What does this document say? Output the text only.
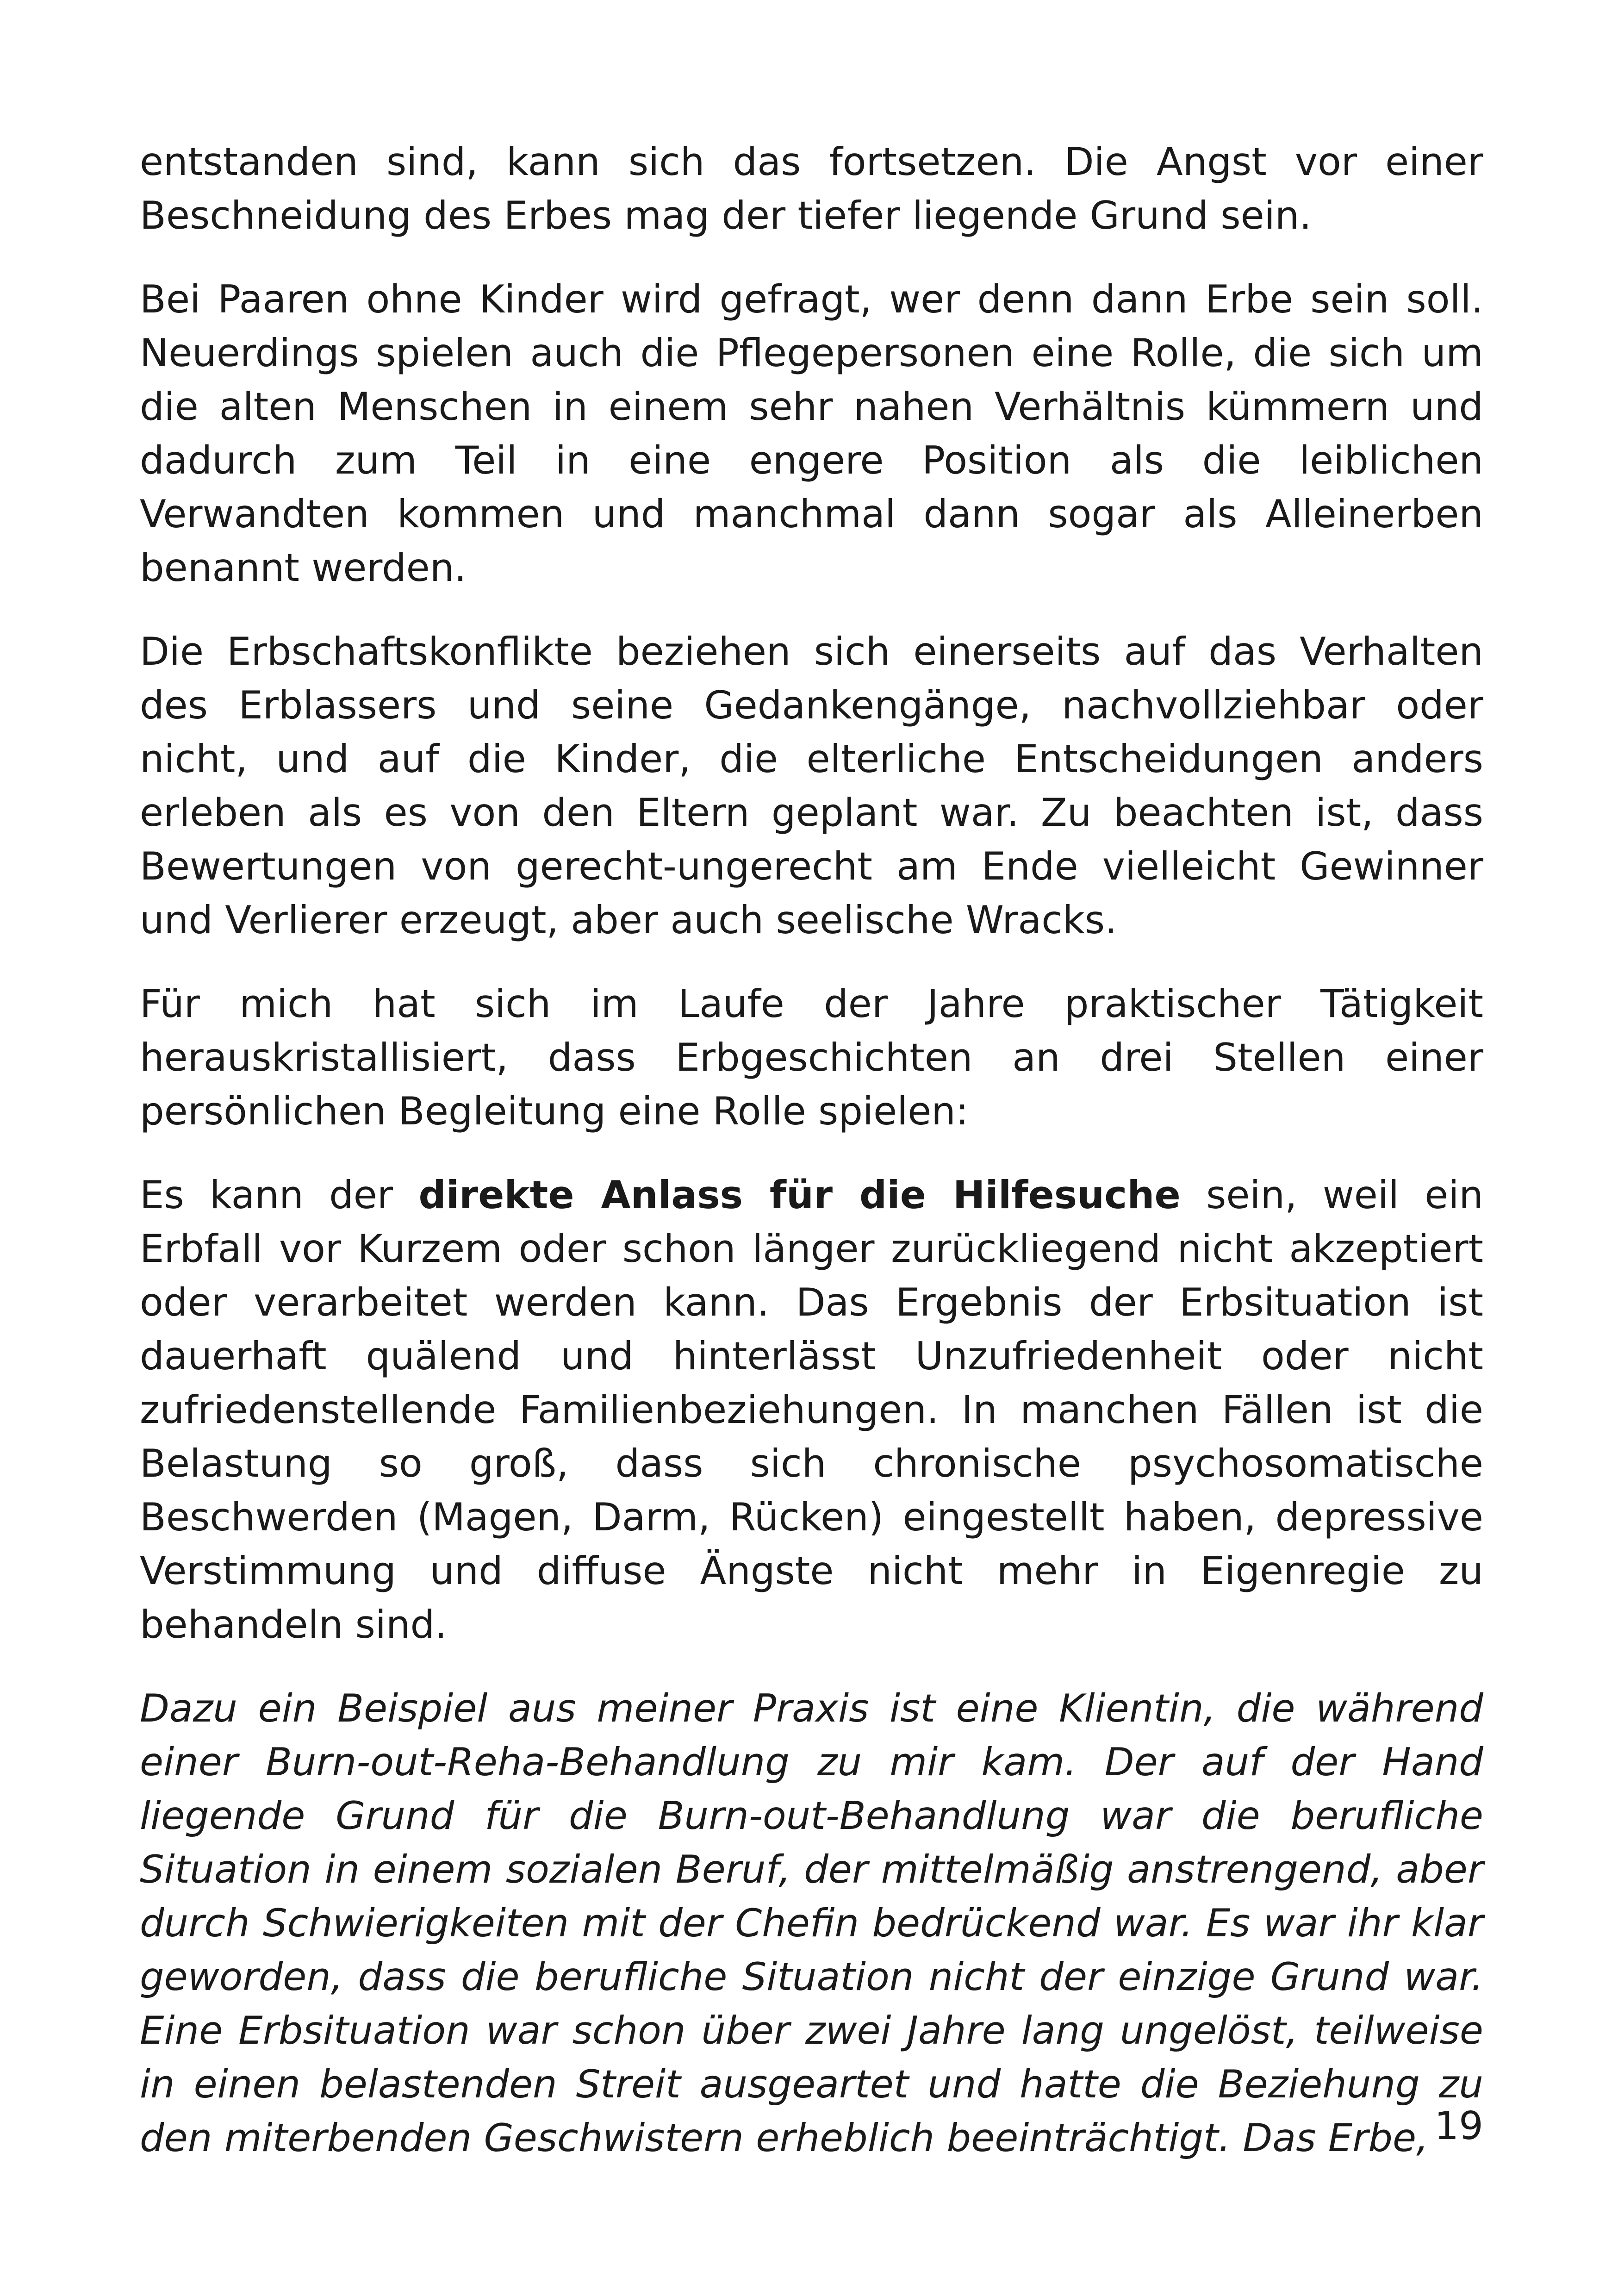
entstanden sind, kann sich das fortsetzen. Die Angst vor einer Beschneidung des Erbes mag der tiefer liegende Grund sein.

Bei Paaren ohne Kinder wird gefragt, wer denn dann Erbe sein soll. Neuerdings spielen auch die Pflegepersonen eine Rolle, die sich um die alten Menschen in einem sehr nahen Verhältnis kümmern und dadurch zum Teil in eine engere Position als die leiblichen Verwandten kommen und manchmal dann sogar als Alleinerben benannt werden.

Die Erbschaftskonflikte beziehen sich einerseits auf das Verhalten des Erblassers und seine Gedankengänge, nachvollziehbar oder nicht, und auf die Kinder, die elterliche Entscheidungen anders erleben als es von den Eltern geplant war. Zu beachten ist, dass Bewertungen von gerecht-ungerecht am Ende vielleicht Gewinner und Verlierer erzeugt, aber auch seelische Wracks.

Für mich hat sich im Laufe der Jahre praktischer Tätigkeit herauskristallisiert, dass Erbgeschichten an drei Stellen einer persönlichen Begleitung eine Rolle spielen:

Es kann der direkte Anlass für die Hilfesuche sein, weil ein Erbfall vor Kurzem oder schon länger zurückliegend nicht akzeptiert oder verarbeitet werden kann. Das Ergebnis der Erbsituation ist dauerhaft quälend und hinterlässt Unzufriedenheit oder nicht zufriedenstellende Familienbeziehungen. In manchen Fällen ist die Belastung so groß, dass sich chronische psychosomatische Beschwerden (Magen, Darm, Rücken) eingestellt haben, depressive Verstimmung und diffuse Ängste nicht mehr in Eigenregie zu behandeln sind.

Dazu ein Beispiel aus meiner Praxis ist eine Klientin, die während einer Burn-out-Reha-Behandlung zu mir kam. Der auf der Hand liegende Grund für die Burn-out-Behandlung war die berufliche Situation in einem sozialen Beruf, der mittelmäßig anstrengend, aber durch Schwierigkeiten mit der Chefin bedrückend war. Es war ihr klar geworden, dass die berufliche Situation nicht der einzige Grund war. Eine Erbsituation war schon über zwei Jahre lang ungelöst, teilweise in einen belastenden Streit ausgeartet und hatte die Beziehung zu den miterbenden Geschwistern erheblich beeinträchtigt. Das Erbe, 19
